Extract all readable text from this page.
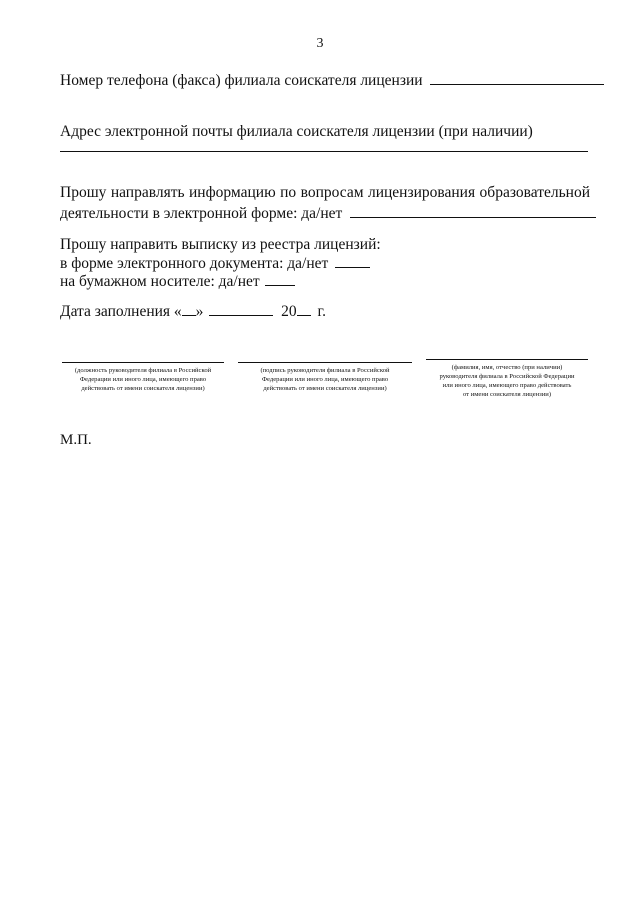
3
Номер телефона (факса) филиала соискателя лицензии
Адрес электронной почты филиала соискателя лицензии (при наличии)
Прошу направлять информацию по вопросам лицензирования образовательной
деятельности в электронной форме: да/нет
Прошу направить выписку из реестра лицензий:
в форме электронного документа: да/нет
на бумажном носителе: да/нет
Дата заполнения « »	20 г.
(должность руководителя филиала в Российской
Федерации или иного лица, имеющего право
действовать от имени соискателя лицензии)
(подпись руководителя филиала в Российской
Федерации или иного лица, имеющего право
действовать от имени соискателя лицензии)
(фамилия, имя, отчество (при наличии)
руководителя филиала в Российской Федерации
или иного лица, имеющего право действовать
от имени соискателя лицензии)
М.П.
